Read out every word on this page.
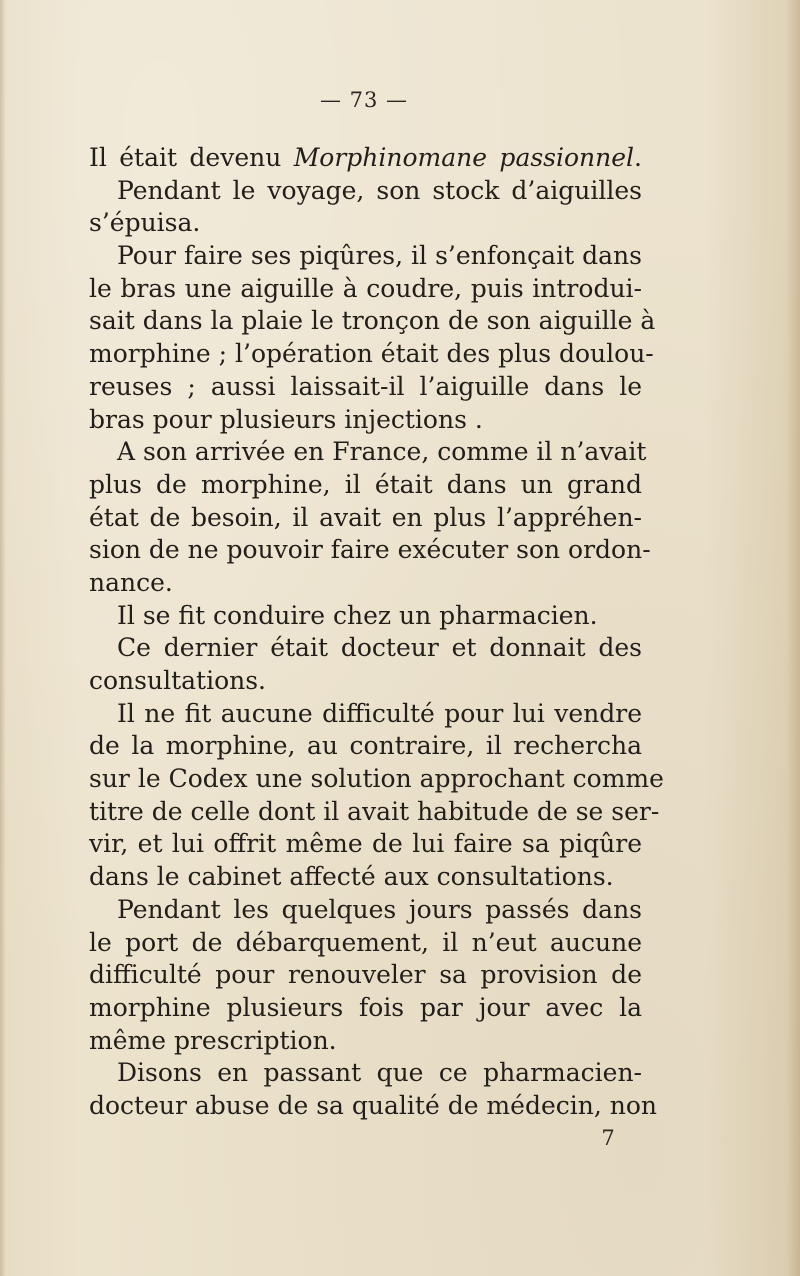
— 73 —
Il était devenu Morphinomane passionnel.
Pendant le voyage, son stock d’aiguilles
s’épuisa.
Pour faire ses piqûres, il s’enfonçait dans
le bras une aiguille à coudre, puis introdui-
sait dans la plaie le tronçon de son aiguille à
morphine ; l’opération était des plus doulou-
reuses ; aussi laissait-il l’aiguille dans le
bras pour plusieurs injections .
A son arrivée en France, comme il n’avait
plus de morphine, il était dans un grand
état de besoin, il avait en plus l’appréhen-
sion de ne pouvoir faire exécuter son ordon-
nance.
Il se fit conduire chez un pharmacien.
Ce dernier était docteur et donnait des
consultations.
Il ne fit aucune difficulté pour lui vendre
de la morphine, au contraire, il rechercha
sur le Codex une solution approchant comme
titre de celle dont il avait habitude de se ser-
vir, et lui offrit même de lui faire sa piqûre
dans le cabinet affecté aux consultations.
Pendant les quelques jours passés dans
le port de débarquement, il n’eut aucune
difficulté pour renouveler sa provision de
morphine plusieurs fois par jour avec la
même prescription.
Disons en passant que ce pharmacien-
docteur abuse de sa qualité de médecin, non
7
